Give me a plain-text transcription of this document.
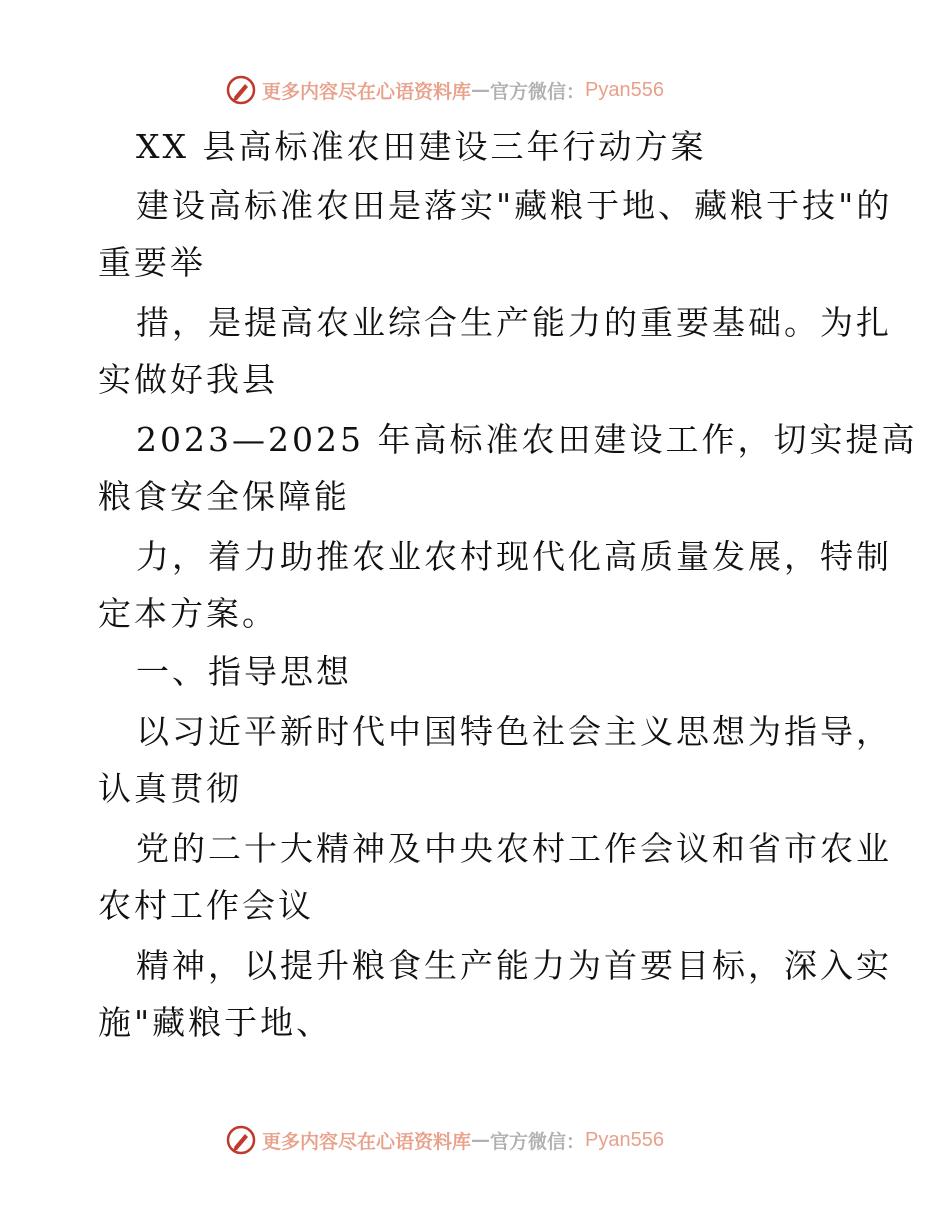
更多内容尽在心语资料库 — 官方微信： Pyan556
XX 县高标准农田建设三年行动方案
建设高标准农田是落实"藏粮于地、藏粮于技"的
重要举
措，是提高农业综合生产能力的重要基础。为扎
实做好我县
2023—2025 年高标准农田建设工作，切实提高
粮食安全保障能
力，着力助推农业农村现代化高质量发展，特制
定本方案。
一、指导思想
以习近平新时代中国特色社会主义思想为指导，
认真贯彻
党的二十大精神及中央农村工作会议和省市农业
农村工作会议
精神，以提升粮食生产能力为首要目标，深入实
施"藏粮于地、
更多内容尽在心语资料库 — 官方微信： Pyan556
